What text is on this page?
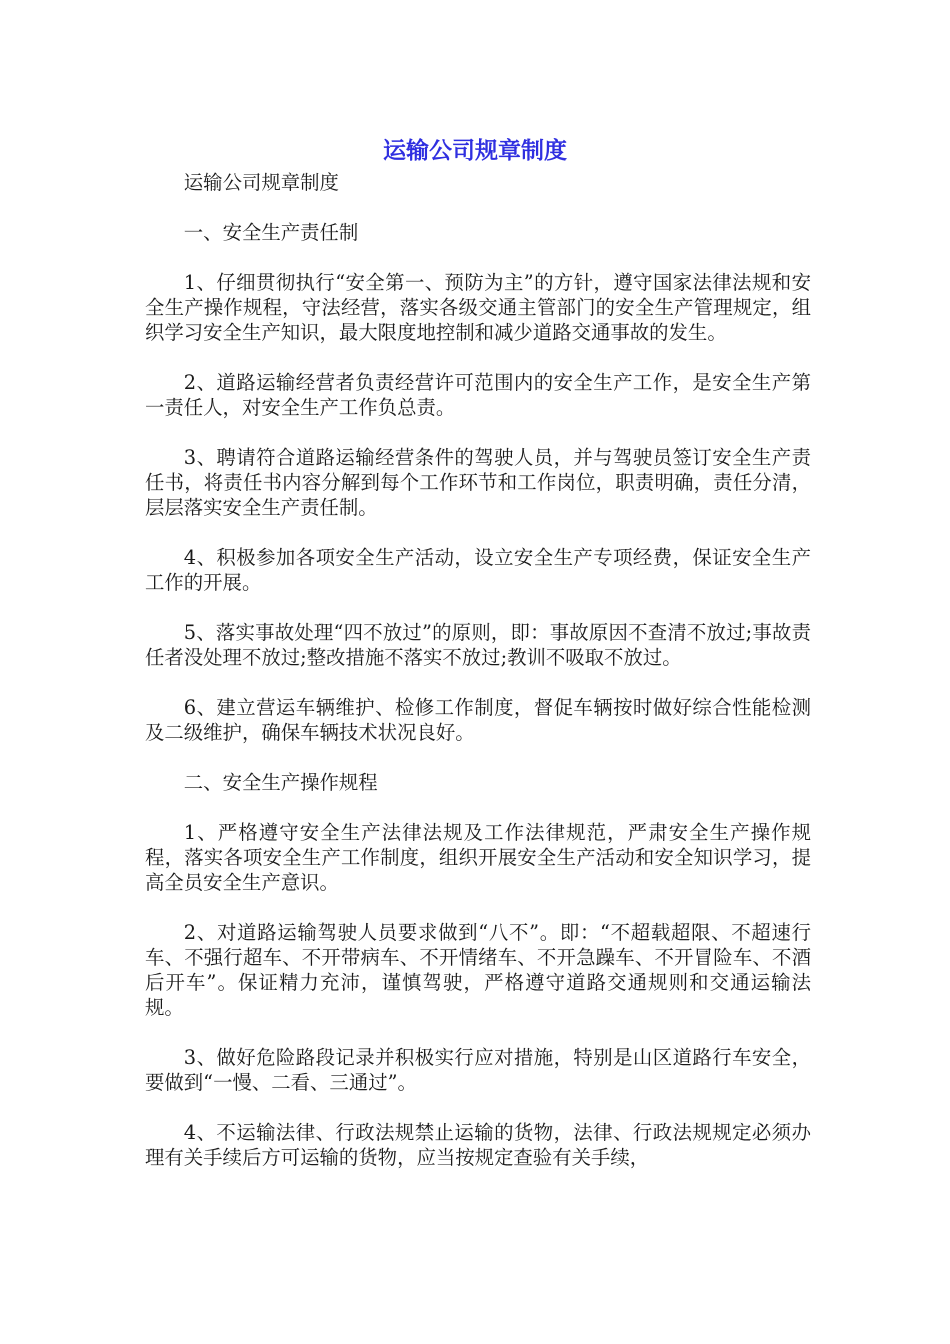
运输公司规章制度

运输公司规章制度

一、安全生产责任制

1、仔细贯彻执行“安全第一、预防为主”的方针，遵守国家法律法规和安全生产操作规程，守法经营，落实各级交通主管部门的安全生产管理规定，组织学习安全生产知识，最大限度地控制和减少道路交通事故的发生。

2、道路运输经营者负责经营许可范围内的安全生产工作，是安全生产第一责任人，对安全生产工作负总责。

3、聘请符合道路运输经营条件的驾驶人员，并与驾驶员签订安全生产责任书，将责任书内容分解到每个工作环节和工作岗位，职责明确，责任分清，层层落实安全生产责任制。

4、积极参加各项安全生产活动，设立安全生产专项经费，保证安全生产工作的开展。

5、落实事故处理“四不放过”的原则，即：事故原因不查清不放过;事故责任者没处理不放过;整改措施不落实不放过;教训不吸取不放过。

6、建立营运车辆维护、检修工作制度，督促车辆按时做好综合性能检测及二级维护，确保车辆技术状况良好。

二、安全生产操作规程

1、严格遵守安全生产法律法规及工作法律规范，严肃安全生产操作规程，落实各项安全生产工作制度，组织开展安全生产活动和安全知识学习，提高全员安全生产意识。

2、对道路运输驾驶人员要求做到“八不”。即：“不超载超限、不超速行车、不强行超车、不开带病车、不开情绪车、不开急躁车、不开冒险车、不酒后开车”。保证精力充沛，谨慎驾驶，严格遵守道路交通规则和交通运输法规。

3、做好危险路段记录并积极实行应对措施，特别是山区道路行车安全，要做到“一慢、二看、三通过”。

4、不运输法律、行政法规禁止运输的货物，法律、行政法规规定必须办理有关手续后方可运输的货物，应当按规定查验有关手续，
